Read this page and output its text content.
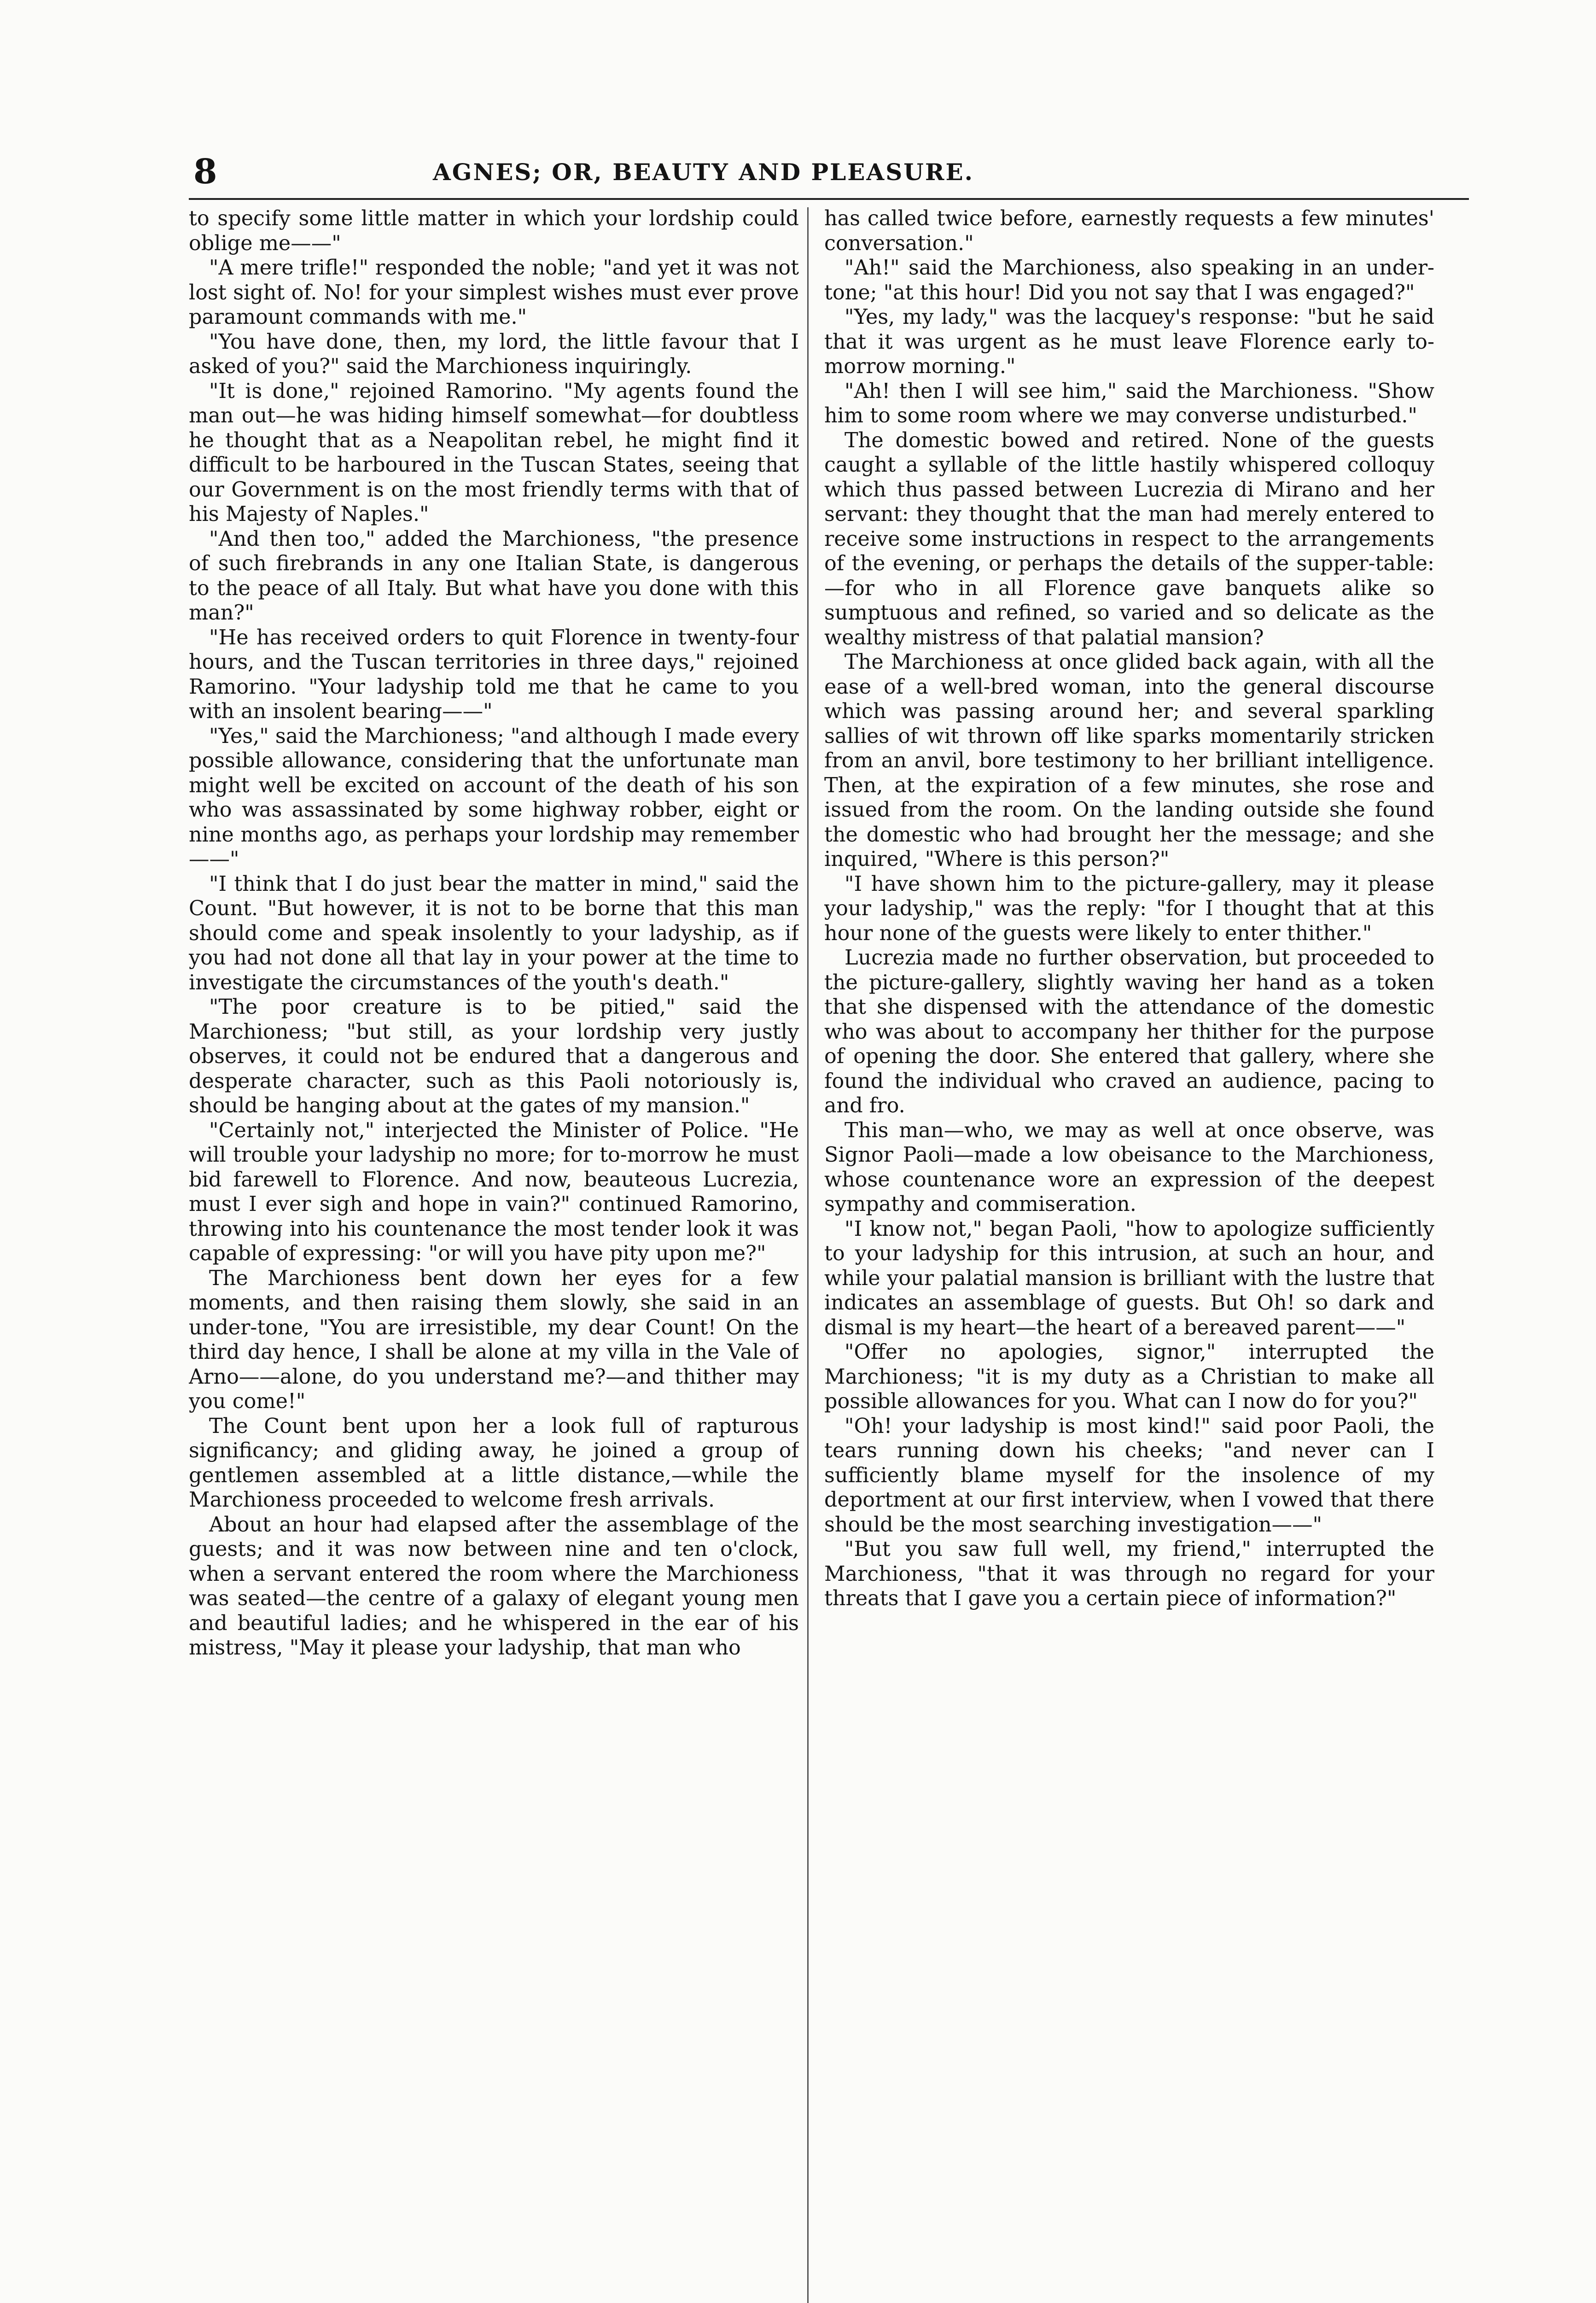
8	AGNES; OR, BEAUTY AND PLEASURE.

to specify some little matter in which your lordship could oblige me——"

"A mere trifle!" responded the noble; "and yet it was not lost sight of. No! for your simplest wishes must ever prove paramount commands with me."

"You have done, then, my lord, the little favour that I asked of you?" said the Marchioness inquiringly.

"It is done," rejoined Ramorino. "My agents found the man out—he was hiding himself somewhat—for doubtless he thought that as a Neapolitan rebel, he might find it difficult to be harboured in the Tuscan States, seeing that our Government is on the most friendly terms with that of his Majesty of Naples."

"And then too," added the Marchioness, "the presence of such firebrands in any one Italian State, is dangerous to the peace of all Italy. But what have you done with this man?"

"He has received orders to quit Florence in twenty-four hours, and the Tuscan territories in three days," rejoined Ramorino. "Your ladyship told me that he came to you with an insolent bearing——"

"Yes," said the Marchioness; "and although I made every possible allowance, considering that the unfortunate man might well be excited on account of the death of his son who was assassinated by some highway robber, eight or nine months ago, as perhaps your lordship may remember——"

"I think that I do just bear the matter in mind," said the Count. "But however, it is not to be borne that this man should come and speak insolently to your ladyship, as if you had not done all that lay in your power at the time to investigate the circumstances of the youth's death."

"The poor creature is to be pitied," said the Marchioness; "but still, as your lordship very justly observes, it could not be endured that a dangerous and desperate character, such as this Paoli notoriously is, should be hanging about at the gates of my mansion."

"Certainly not," interjected the Minister of Police. "He will trouble your ladyship no more; for to-morrow he must bid farewell to Florence. And now, beauteous Lucrezia, must I ever sigh and hope in vain?" continued Ramorino, throwing into his countenance the most tender look it was capable of expressing: "or will you have pity upon me?"

The Marchioness bent down her eyes for a few moments, and then raising them slowly, she said in an under-tone, "You are irresistible, my dear Count! On the third day hence, I shall be alone at my villa in the Vale of Arno——alone, do you understand me?—and thither may you come!"

The Count bent upon her a look full of rapturous significancy; and gliding away, he joined a group of gentlemen assembled at a little distance,—while the Marchioness proceeded to welcome fresh arrivals.

About an hour had elapsed after the assemblage of the guests; and it was now between nine and ten o'clock, when a servant entered the room where the Marchioness was seated—the centre of a galaxy of elegant young men and beautiful ladies; and he whispered in the ear of his mistress, "May it please your ladyship, that man who

has called twice before, earnestly requests a few minutes' conversation."

"Ah!" said the Marchioness, also speaking in an under-tone; "at this hour! Did you not say that I was engaged?"

"Yes, my lady," was the lacquey's response: "but he said that it was urgent as he must leave Florence early to-morrow morning."

"Ah! then I will see him," said the Marchioness. "Show him to some room where we may converse undisturbed."

The domestic bowed and retired. None of the guests caught a syllable of the little hastily whispered colloquy which thus passed between Lucrezia di Mirano and her servant: they thought that the man had merely entered to receive some instructions in respect to the arrangements of the evening, or perhaps the details of the supper-table:—for who in all Florence gave banquets alike so sumptuous and refined, so varied and so delicate as the wealthy mistress of that palatial mansion?

The Marchioness at once glided back again, with all the ease of a well-bred woman, into the general discourse which was passing around her; and several sparkling sallies of wit thrown off like sparks momentarily stricken from an anvil, bore testimony to her brilliant intelligence. Then, at the expiration of a few minutes, she rose and issued from the room. On the landing outside she found the domestic who had brought her the message; and she inquired, "Where is this person?"

"I have shown him to the picture-gallery, may it please your ladyship," was the reply: "for I thought that at this hour none of the guests were likely to enter thither."

Lucrezia made no further observation, but proceeded to the picture-gallery, slightly waving her hand as a token that she dispensed with the attendance of the domestic who was about to accompany her thither for the purpose of opening the door. She entered that gallery, where she found the individual who craved an audience, pacing to and fro.

This man—who, we may as well at once observe, was Signor Paoli—made a low obeisance to the Marchioness, whose countenance wore an expression of the deepest sympathy and commiseration.

"I know not," began Paoli, "how to apologize sufficiently to your ladyship for this intrusion, at such an hour, and while your palatial mansion is brilliant with the lustre that indicates an assemblage of guests. But Oh! so dark and dismal is my heart—the heart of a bereaved parent——"

"Offer no apologies, signor," interrupted the Marchioness; "it is my duty as a Christian to make all possible allowances for you. What can I now do for you?"

"Oh! your ladyship is most kind!" said poor Paoli, the tears running down his cheeks; "and never can I sufficiently blame myself for the insolence of my deportment at our first interview, when I vowed that there should be the most searching investigation——"

"But you saw full well, my friend," interrupted the Marchioness, "that it was through no regard for your threats that I gave you a certain piece of information?"
